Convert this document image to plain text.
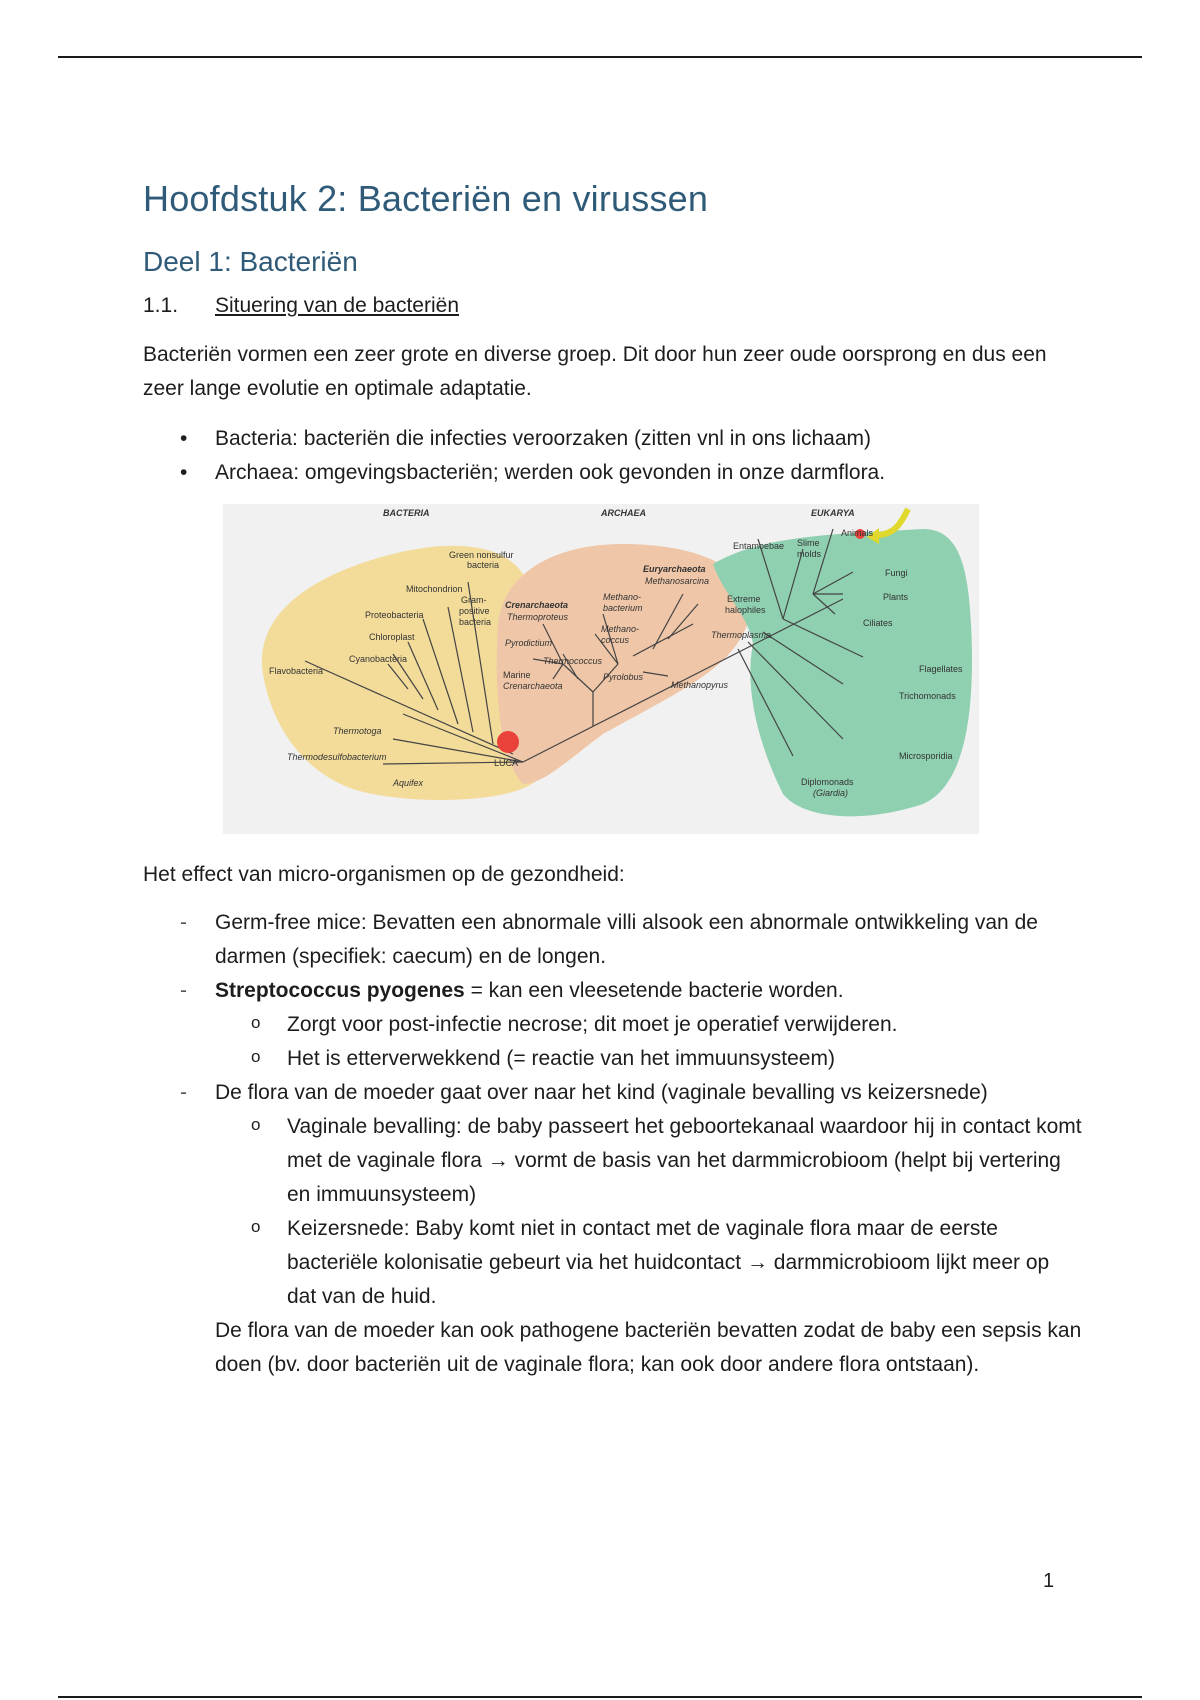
Hoofdstuk 2: Bacteriën en virussen
Deel 1: Bacteriën
1.1.	Situering van de bacteriën

Bacteriën vormen een zeer grote en diverse groep. Dit door hun zeer oude oorsprong en dus een zeer lange evolutie en optimale adaptatie.

• Bacteria: bacteriën die infecties veroorzaken (zitten vnl in ons lichaam)
• Archaea: omgevingsbacteriën; werden ook gevonden in onze darmflora.
BACTERIA	ARCHAEA	EUKARYA
LUCA
Green nonsulfur
bacteria
Mitochondrion
Gram-
positive
bacteria
Proteobacteria
Chloroplast
Cyanobacteria
Flavobacteria
Thermotoga
Thermodesulfobacterium
Aquifex
Euryarchaeota
Methanosarcina
Crenarchaeota
Thermoproteus
Methano-
bacterium
Methano-
coccus
Pyrodictium
Extreme
halophiles
Thermoplasma
Thermococcus
Marine
Crenarchaeota
Pyrolobus
Methanopyrus
Animals
Entamoebae Slime
molds
Fungi
Plants
Ciliates
Flagellates
Trichomonads
Microsporidia
Diplomonads
(Giardia)

Het effect van micro-organismen op de gezondheid:

- Germ-free mice: Bevatten een abnormale villi alsook een abnormale ontwikkeling van de darmen (specifiek: caecum) en de longen.
- Streptococcus pyogenes = kan een vleesetende bacterie worden.
o Zorgt voor post-infectie necrose; dit moet je operatief verwijderen.
o Het is etterverwekkend (= reactie van het immuunsysteem)
- De flora van de moeder gaat over naar het kind (vaginale bevalling vs keizersnede)
o Vaginale bevalling: de baby passeert het geboortekanaal waardoor hij in contact komt met de vaginale flora → vormt de basis van het darmmicrobioom (helpt bij vertering en immuunsysteem)
o Keizersnede: Baby komt niet in contact met de vaginale flora maar de eerste bacteriële kolonisatie gebeurt via het huidcontact → darmmicrobioom lijkt meer op dat van de huid.
De flora van de moeder kan ook pathogene bacteriën bevatten zodat de baby een sepsis kan doen (bv. door bacteriën uit de vaginale flora; kan ook door andere flora ontstaan).
1
